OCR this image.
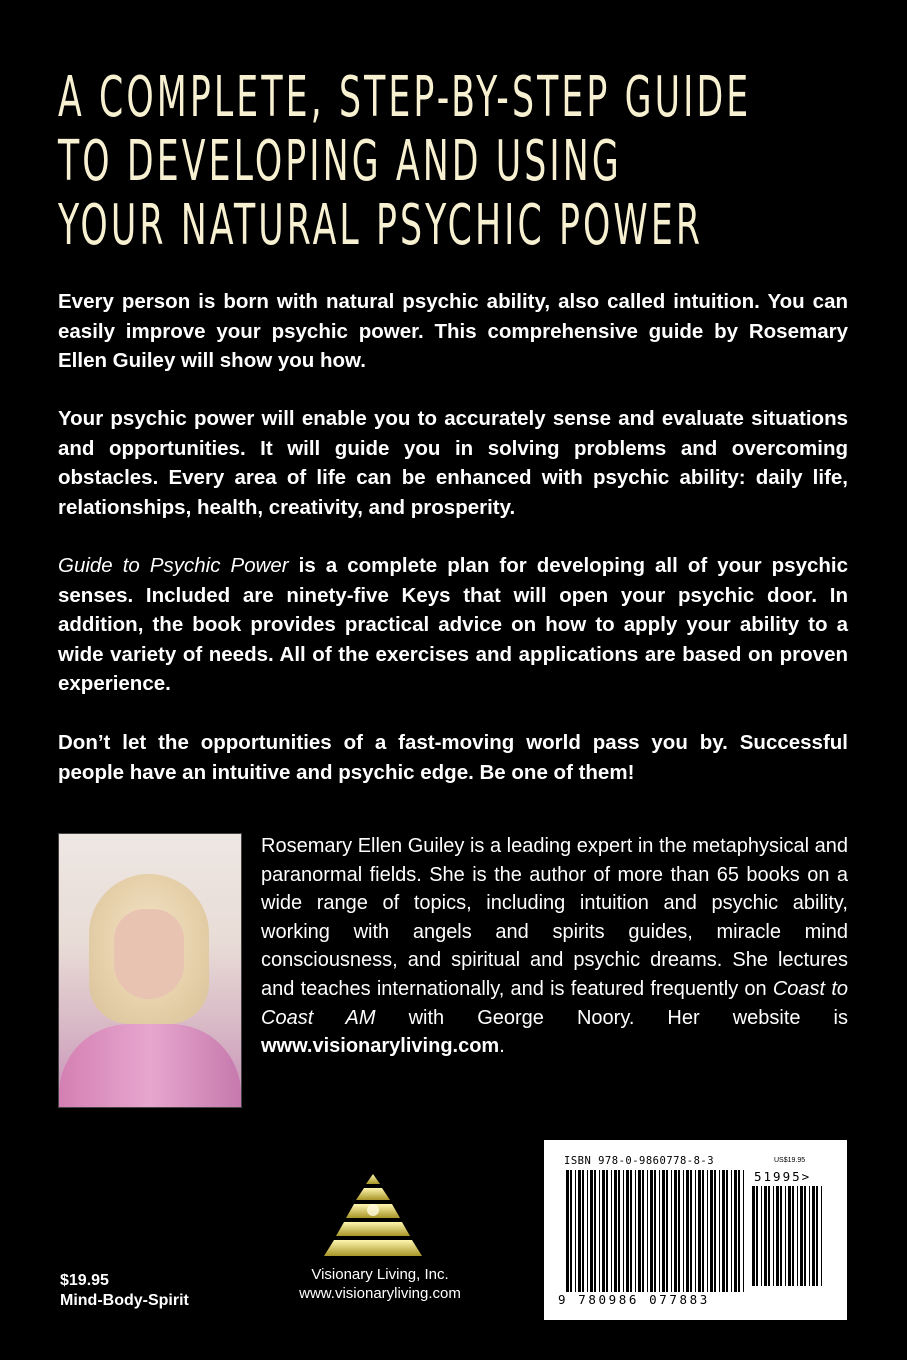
A COMPLETE, STEP-BY-STEP GUIDE
TO DEVELOPING AND USING
YOUR NATURAL PSYCHIC POWER
Every person is born with natural psychic ability, also called intuition. You can easily improve your psychic power. This comprehensive guide by Rosemary Ellen Guiley will show you how.
Your psychic power will enable you to accurately sense and evaluate situations and opportunities. It will guide you in solving problems and overcoming obstacles. Every area of life can be enhanced with psychic ability: daily life, relationships, health, creativity, and prosperity.
Guide to Psychic Power is a complete plan for developing all of your psychic senses. Included are ninety-five Keys that will open your psychic door. In addition, the book provides practical advice on how to apply your ability to a wide variety of needs. All of the exercises and applications are based on proven experience.
Don’t let the opportunities of a fast-moving world pass you by. Successful people have an intuitive and psychic edge. Be one of them!
Rosemary Ellen Guiley is a leading expert in the metaphysical and paranormal fields. She is the author of more than 65 books on a wide range of topics, including intuition and psychic ability, working with angels and spirits guides, miracle mind consciousness, and spiritual and psychic dreams. She lectures and teaches internationally, and is featured frequently on Coast to Coast AM with George Noory. Her website is www.visionaryliving.com.
Visionary Living, Inc.
www.visionaryliving.com
$19.95
Mind-Body-Spirit
ISBN 978-0-9860778-8-3	US$19.95
51995>
9 780986 077883
